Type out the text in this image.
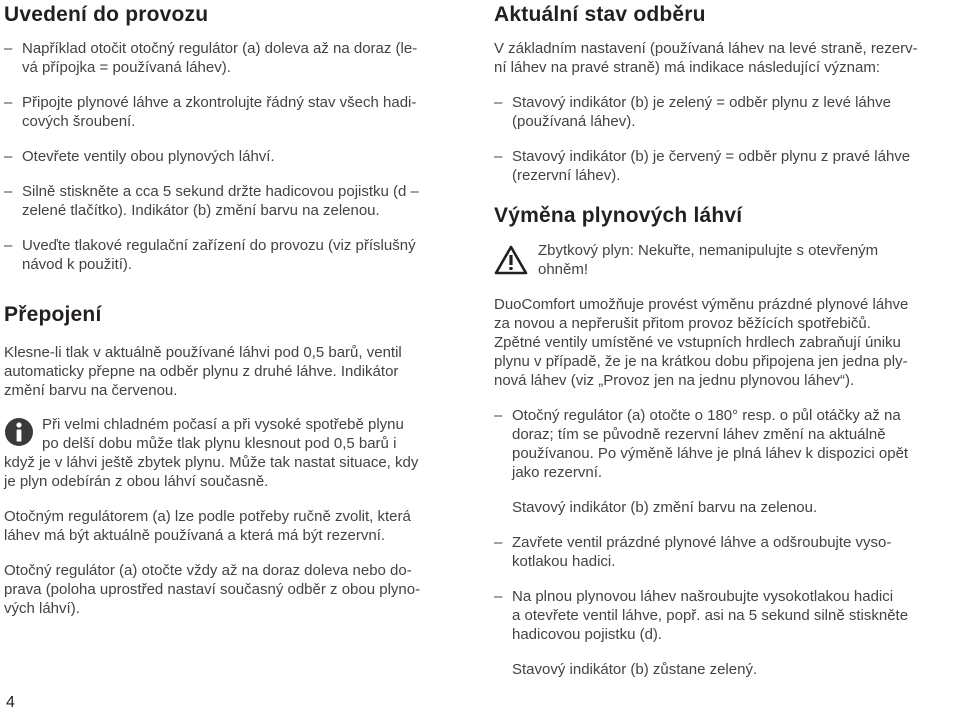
Uvedení do provozu
– Například otočit otočný regulátor (a) doleva až na doraz (le-
vá přípojka = používaná láhev).
– Připojte plynové láhve a zkontrolujte řádný stav všech hadi-
cových šroubení.
– Otevřete ventily obou plynových láhví.
– Silně stiskněte a cca 5 sekund držte hadicovou pojistku (d –
zelené tlačítko). Indikátor (b) změní barvu na zelenou.
– Uveďte tlakové regulační zařízení do provozu (viz příslušný
návod k použití).
Přepojení

Klesne-li tlak v aktuálně používané láhvi pod 0,5 barů, ventil
automaticky přepne na odběr plynu z druhé láhve. Indikátor
změní barvu na červenou.

Při velmi chladném počasí a při vysoké spotřebě plynu
po delší dobu může tlak plynu klesnout pod 0,5 barů i
když je v láhvi ještě zbytek plynu. Může tak nastat situace, kdy
je plyn odebírán z obou láhví současně.

Otočným regulátorem (a) lze podle potřeby ručně zvolit, která
láhev má být aktuálně používaná a která má být rezervní.

Otočný regulátor (a) otočte vždy až na doraz doleva nebo do-
prava (poloha uprostřed nastaví současný odběr z obou plyno-
vých láhví).

4
Aktuální stav odběru

V základním nastavení (používaná láhev na levé straně, rezerv-
ní láhev na pravé straně) má indikace následující význam:

– Stavový indikátor (b) je zelený = odběr plynu z levé láhve
(používaná láhev).
– Stavový indikátor (b) je červený = odběr plynu z pravé láhve
(rezervní láhev).
Výměna plynových láhví

Zbytkový plyn: Nekuřte, nemanipulujte s otevřeným
ohněm!

DuoComfort umožňuje provést výměnu prázdné plynové láhve
za novou a nepřerušit přitom provoz běžících spotřebičů.
Zpětné ventily umístěné ve vstupních hrdlech zabraňují úniku
plynu v případě, že je na krátkou dobu připojena jen jedna ply-
nová láhev (viz „Provoz jen na jednu plynovou láhev“).

– Otočný regulátor (a) otočte o 180° resp. o půl otáčky až na
doraz; tím se původně rezervní láhev změní na aktuálně
používanou. Po výměně láhve je plná láhev k dispozici opět
jako rezervní.

Stavový indikátor (b) změní barvu na zelenou.

– Zavřete ventil prázdné plynové láhve a odšroubujte vyso-
kotlakou hadici.
– Na plnou plynovou láhev našroubujte vysokotlakou hadici
a otevřete ventil láhve, popř. asi na 5 sekund silně stiskněte
hadicovou pojistku (d).

Stavový indikátor (b) zůstane zelený.
